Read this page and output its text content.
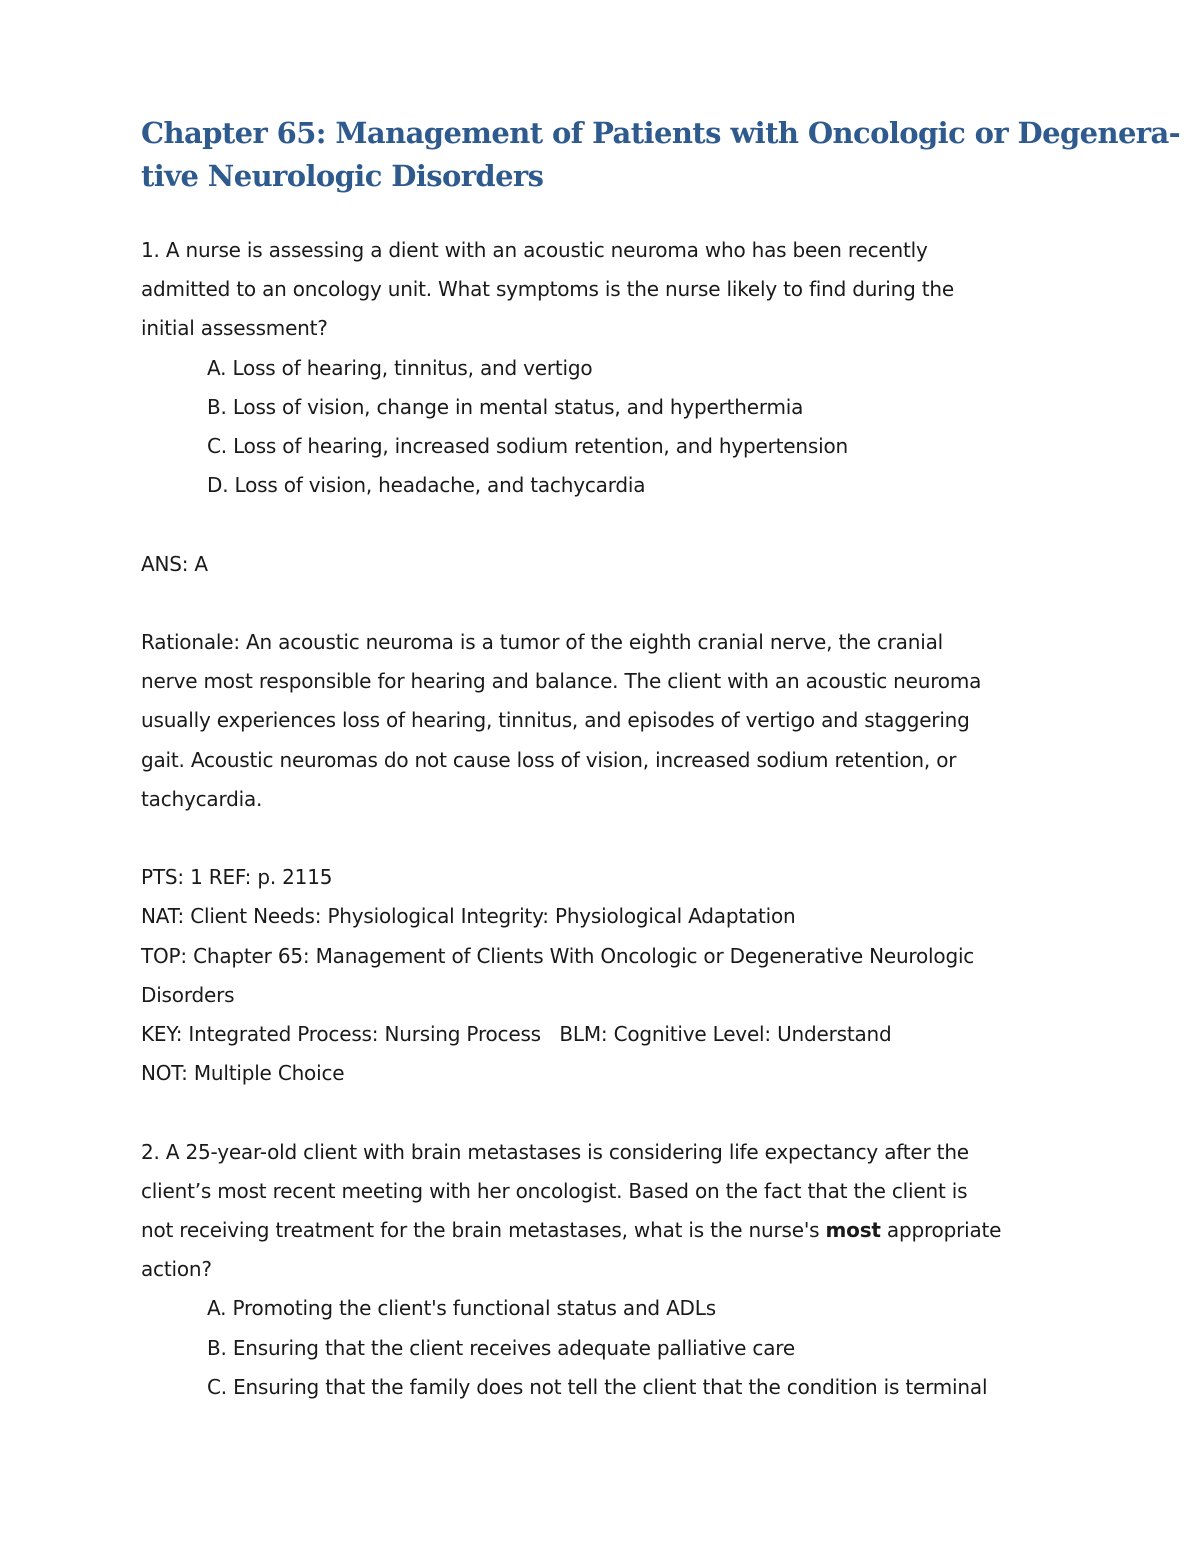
Chapter 65: Management of Patients with Oncologic or Degenera-
tive Neurologic Disorders

1. A nurse is assessing a dient with an acoustic neuroma who has been recently
admitted to an oncology unit. What symptoms is the nurse likely to find during the
initial assessment?

A. Loss of hearing, tinnitus, and vertigo
B. Loss of vision, change in mental status, and hyperthermia
C. Loss of hearing, increased sodium retention, and hypertension
D. Loss of vision, headache, and tachycardia
ANS: A

Rationale: An acoustic neuroma is a tumor of the eighth cranial nerve, the cranial
nerve most responsible for hearing and balance. The client with an acoustic neuroma
usually experiences loss of hearing, tinnitus, and episodes of vertigo and staggering
gait. Acoustic neuromas do not cause loss of vision, increased sodium retention, or
tachycardia.

PTS: 1 REF: p. 2115
NAT: Client Needs: Physiological Integrity: Physiological Adaptation
TOP: Chapter 65: Management of Clients With Oncologic or Degenerative Neurologic
Disorders
KEY: Integrated Process: Nursing Process   BLM: Cognitive Level: Understand
NOT: Multiple Choice

2. A 25-year-old client with brain metastases is considering life expectancy after the
client’s most recent meeting with her oncologist. Based on the fact that the client is
not receiving treatment for the brain metastases, what is the nurse's most appropriate
action?

A. Promoting the client's functional status and ADLs
B. Ensuring that the client receives adequate palliative care
C. Ensuring that the family does not tell the client that the condition is terminal
